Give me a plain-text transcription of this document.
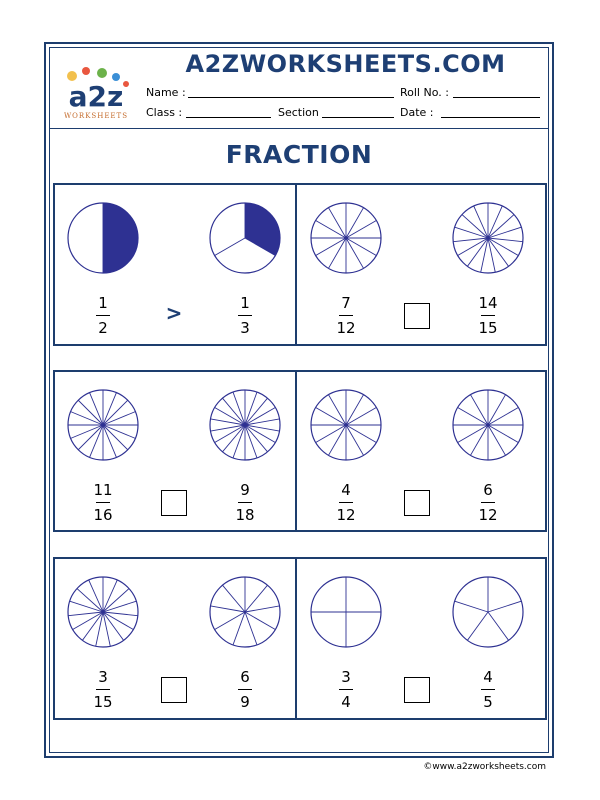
a2z
WORKSHEETS
A2ZWORKSHEETS.COM
Name :	Roll No. :
Class :	Section	Date :
FRACTION
1
2
1
3
>	7
12
14
15
11
16
9
18
4
12
6
12
3
15
6
9
3
4
4
5
©www.a2zworksheets.com
